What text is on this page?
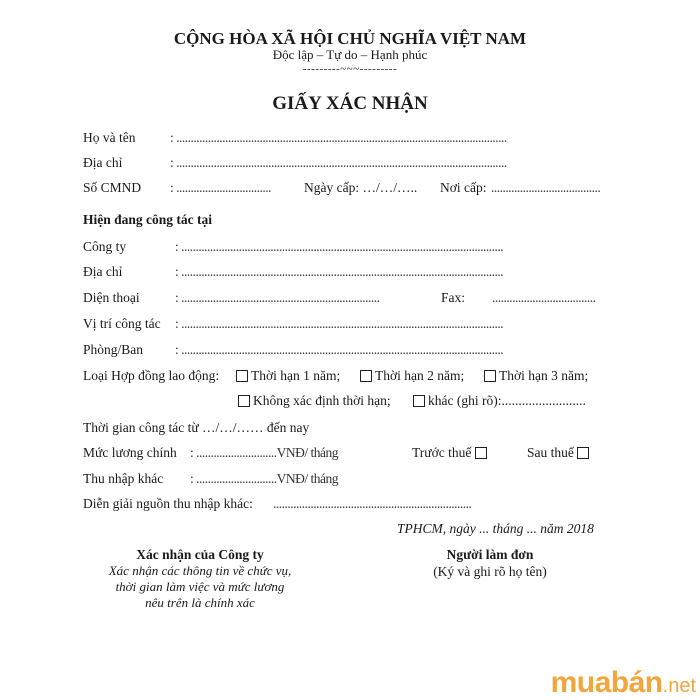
CỘNG HÒA XÃ HỘI CHỦ NGHĨA VIỆT NAM
Độc lập – Tự do – Hạnh phúc
---------~~~---------
GIẤY XÁC NHẬN
Họ và tên	: ...................................................................................................................
Địa chỉ	: ...................................................................................................................
Số CMND : ................................. Ngày cấp: …/…/….. Nơi cấp: ......................................
Hiện đang công tác tại
Công ty	: ................................................................................................................
Địa chỉ	: ................................................................................................................
Diện thoại	: .....................................................................	Fax: ....................................
Vị trí công tác : ................................................................................................................
Phòng/Ban : ................................................................................................................
Loại Hợp đồng lao động:	Thời hạn 1 năm;	Thời hạn 2 năm;	Thời hạn 3 năm;
Không xác định thời hạn;	khác (ghi rõ):.........................
Thời gian công tác từ …/…/…… đến nay
Mức lương chính : ............................VNĐ/ tháng	Trước thuế	Sau thuế
Thu nhập khác : ............................VNĐ/ tháng
Diễn giải nguồn thu nhập khác: .....................................................................
TPHCM, ngày ... tháng ... năm 2018
Xác nhận của Công ty
Xác nhận các thông tin về chức vụ,
thời gian làm việc và mức lương
nêu trên là chính xác
Người làm đơn
(Ký và ghi rõ họ tên)
muabán.net
